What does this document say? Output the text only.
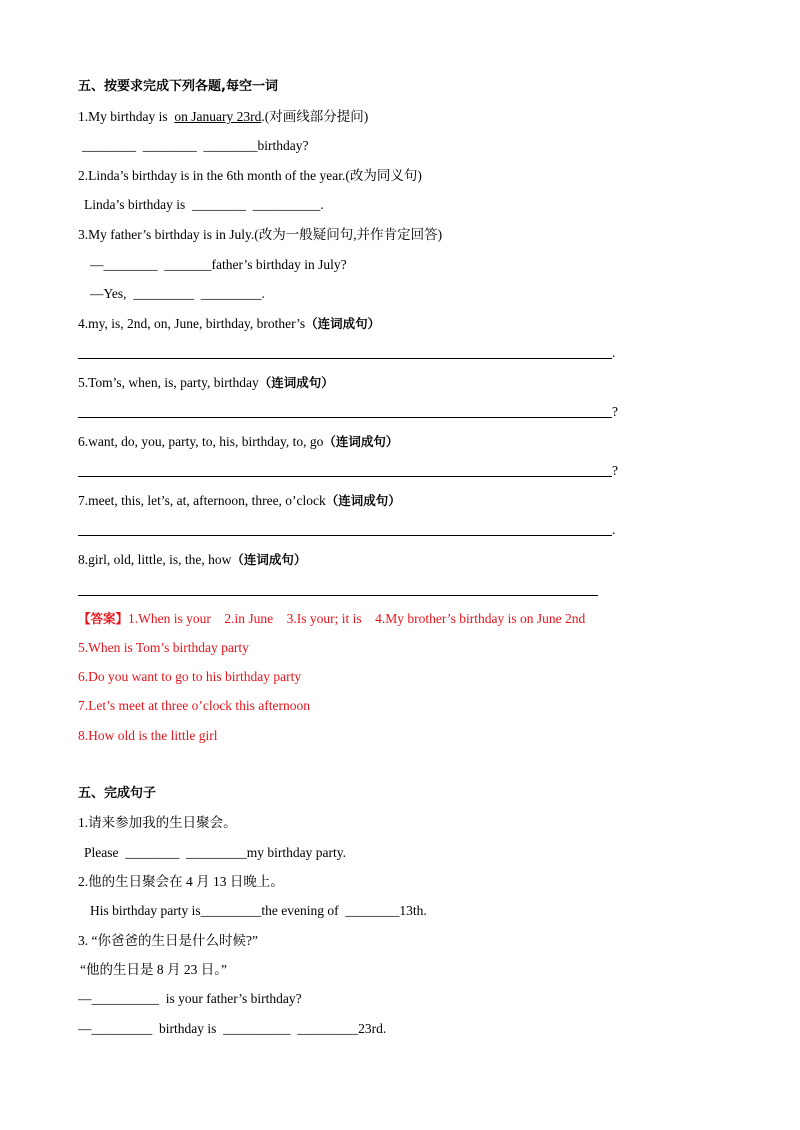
五、按要求完成下列各题,每空一词
1.My birthday is  on January 23rd.(对画线部分提问)
________  ________  ________birthday?
2.Linda’s birthday is in the 6th month of the year.(改为同义句)
Linda’s birthday is  ________  __________.
3.My father’s birthday is in July.(改为一般疑问句,并作肯定回答)
—________  _______father’s birthday in July?
—Yes,  _________  _________.
4.my, is, 2nd, on, June, birthday, brother’s（连词成句）
.
5.Tom’s, when, is, party, birthday（连词成句）
?
6.want, do, you, party, to, his, birthday, to, go（连词成句）
?
7.meet, this, let’s, at, afternoon, three, o’clock（连词成句）
.
8.girl, old, little, is, the, how（连词成句）
【答案】1.When is your    2.in June    3.Is your; it is    4.My brother’s birthday is on June 2nd
5.When is Tom’s birthday party
6.Do you want to go to his birthday party
7.Let’s meet at three o’clock this afternoon
8.How old is the little girl
五、完成句子
1.请来参加我的生日聚会。
Please  ________  _________my birthday party.
2.他的生日聚会在 4 月 13 日晚上。
His birthday party is_________the evening of  ________13th.
3. “你爸爸的生日是什么时候?”
“他的生日是 8 月 23 日。”
—__________  is your father’s birthday?
—_________  birthday is  __________  _________23rd.
